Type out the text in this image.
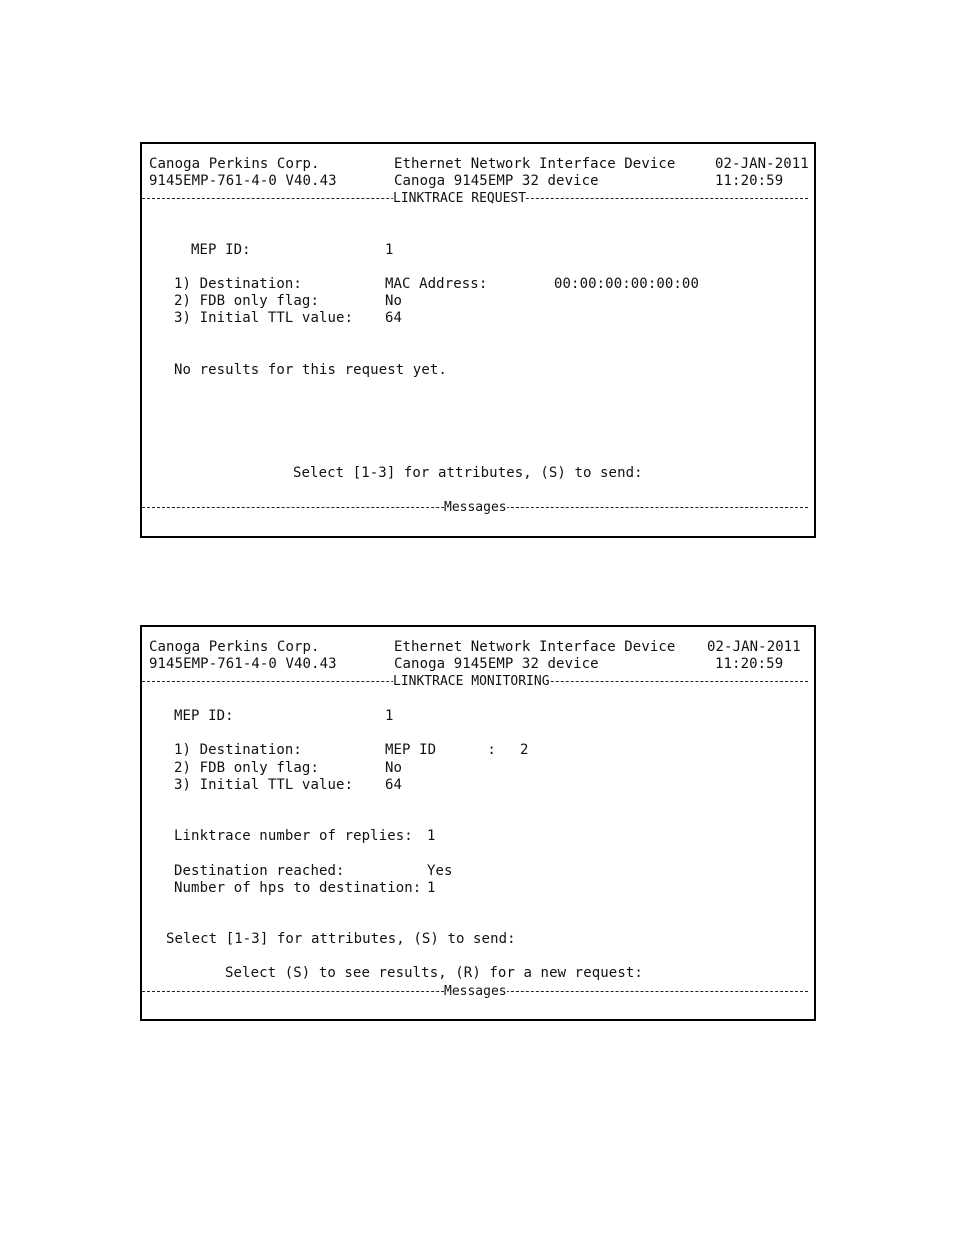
Canoga Perkins Corp.	Ethernet Network Interface Device	02-JAN-2011
9145EMP-761-4-0 V40.43	Canoga 9145EMP 32 device	11:20:59
LINKTRACE REQUEST
MEP ID:	1
1) Destination:	MAC Address:	00:00:00:00:00:00
2) FDB only flag:	No
3) Initial TTL value: 64
No results for this request yet.
Select [1-3] for attributes, (S) to send:
Messages
Canoga Perkins Corp.	Ethernet Network Interface Device 02-JAN-2011
9145EMP-761-4-0 V40.43	Canoga 9145EMP 32 device	11:20:59
LINKTRACE MONITORING
MEP ID:	1
1) Destination:	MEP ID      : 2
2) FDB only flag:	No
3) Initial TTL value: 64
Linktrace number of replies: 1
Destination reached:	Yes
Number of hps to destination: 1
Select [1-3] for attributes, (S) to send:
Select (S) to see results, (R) for a new request:
Messages
